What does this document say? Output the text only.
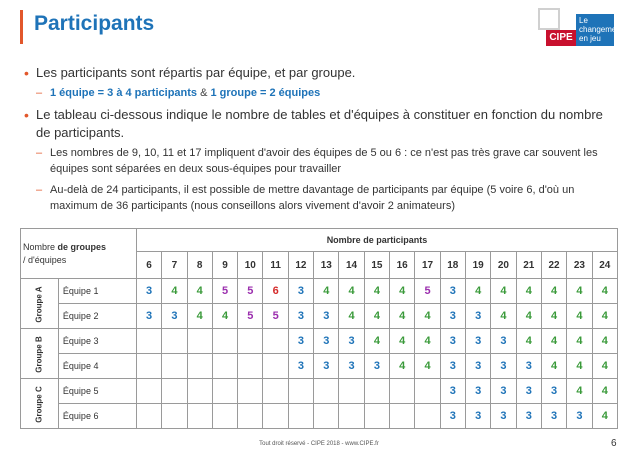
Participants
CIPE
Le changement en jeu
• Les participants sont répartis par équipe, et par groupe.
– 1 équipe = 3 à 4 participants & 1 groupe = 2 équipes
• Le tableau ci-dessous indique le nombre de tables et d'équipes à constituer en fonction du nombre de participants.
– Les nombres de 9, 10, 11 et 17 impliquent d'avoir des équipes de 5 ou 6 : ce n'est pas très grave car souvent les équipes sont séparées en deux sous-équipes pour travailler
– Au-delà de 24 participants, il est possible de mettre davantage de participants par équipe (5 voire 6, d'où un maximum de 36 participants (nous conseillons alors vivement d'avoir 2 animateurs)
Nombre de groupes
/ d'équipes		Nombre de participants																		
		6	7	8	9	10	11	12	13	14	15	16	17	18	19	20	21	22	23	24
Groupe A	Équipe 1	3	4	4	5	5	6	3	4	4	4	4	5	3	4	4	4	4	4	4
	Équipe 2	3	3	4	4	5	5	3	3	4	4	4	4	3	3	4	4	4	4	4
Groupe B	Équipe 3							3	3	3	4	4	4	3	3	3	4	4	4	4
	Équipe 4							3	3	3	3	4	4	3	3	3	3	4	4	4
Groupe C	Équipe 5													3	3	3	3	3	4	4
	Équipe 6													3	3	3	3	3	3	4
Tout droit réservé - CIPE 2018 - www.CIPE.fr	6
